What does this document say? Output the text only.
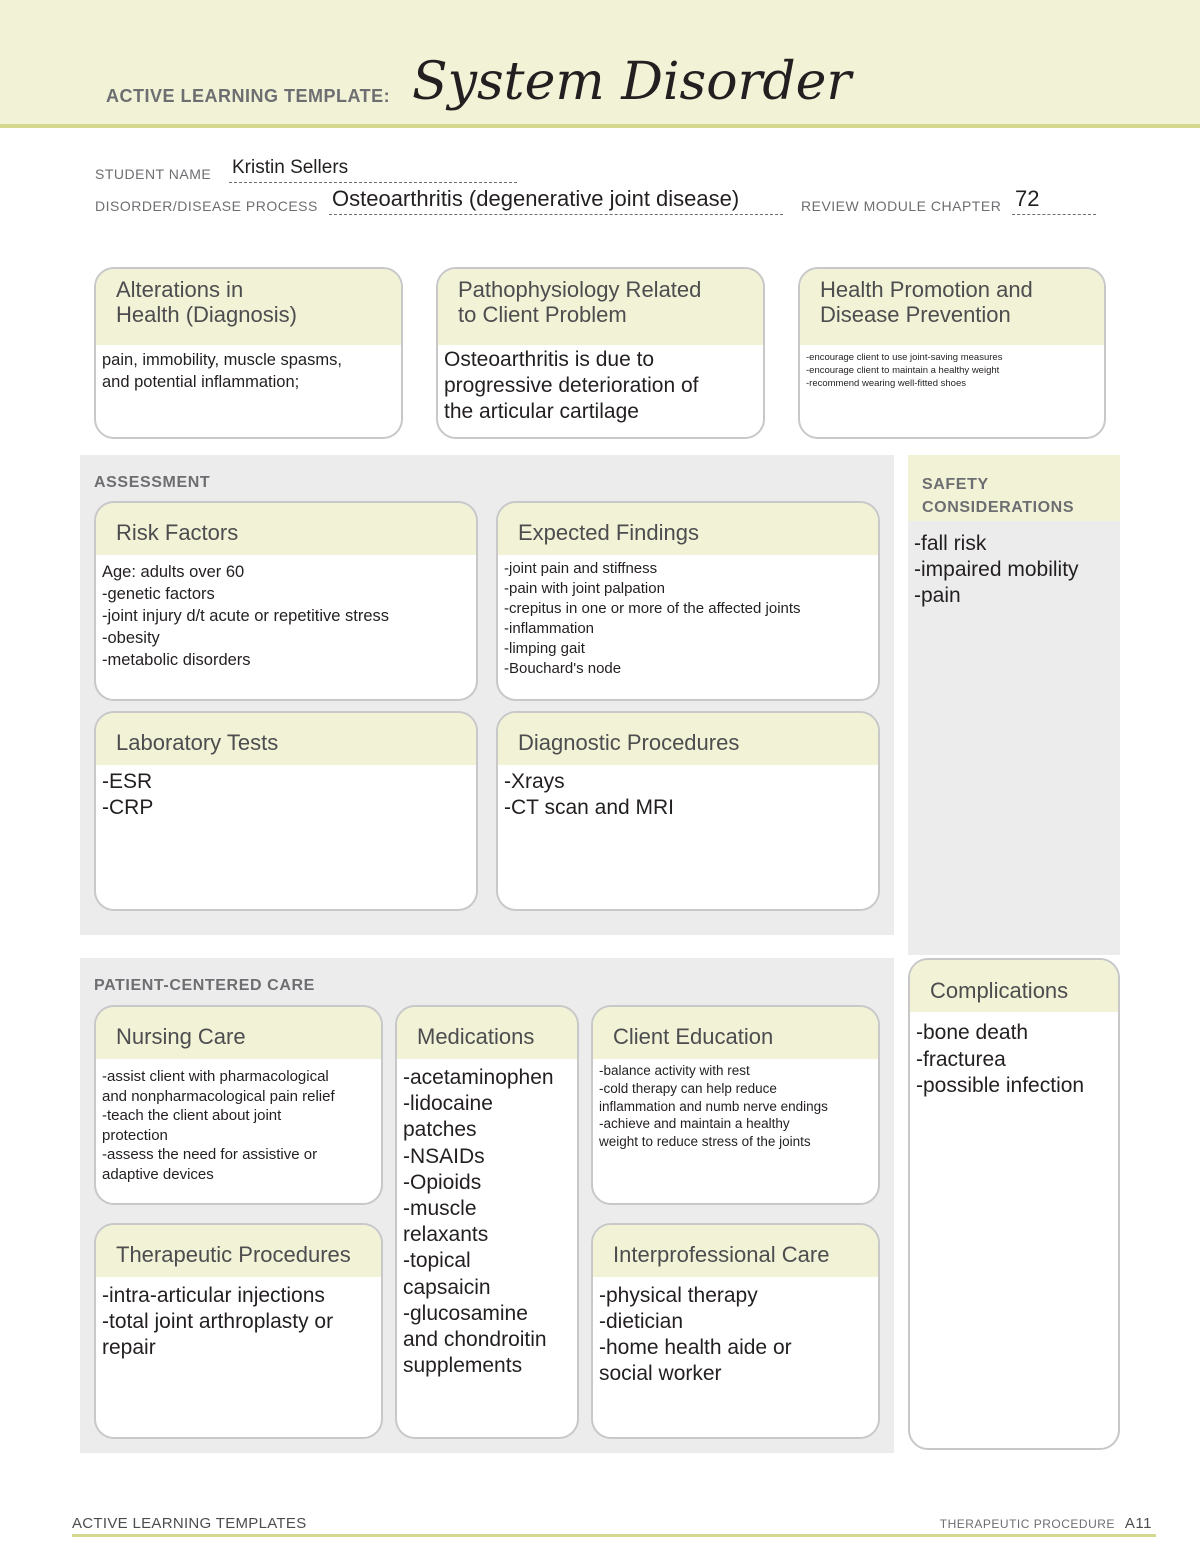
ACTIVE LEARNING TEMPLATE: System Disorder
STUDENT NAME Kristin Sellers
DISORDER/DISEASE PROCESS Osteoarthritis (degenerative joint disease)	REVIEW MODULE CHAPTER 72
Alterations in
Health (Diagnosis)
pain, immobility, muscle spasms,
and potential inflammation;
Pathophysiology Related
to Client Problem
Osteoarthritis is due to
progressive deterioration of
the articular cartilage
Health Promotion and
Disease Prevention
-encourage client to use joint-saving measures
-encourage client to maintain a healthy weight
-recommend wearing well-fitted shoes
ASSESSMENT
Risk Factors
Age: adults over 60
-genetic factors
-joint injury d/t acute or repetitive stress
-obesity
-metabolic disorders
Expected Findings
-joint pain and stiffness
-pain with joint palpation
-crepitus in one or more of the affected joints
-inflammation
-limping gait
-Bouchard's node
Laboratory Tests
-ESR
-CRP
Diagnostic Procedures
-Xrays
-CT scan and MRI
SAFETY
CONSIDERATIONS
-fall risk
-impaired mobility
-pain
PATIENT-CENTERED CARE
Nursing Care
-assist client with pharmacological
and nonpharmacological pain relief
-teach the client about joint
protection
-assess the need for assistive or
adaptive devices
Medications
-acetaminophen
-lidocaine
patches
-NSAIDs
-Opioids
-muscle
relaxants
-topical
capsaicin
-glucosamine
and chondroitin
supplements
Client Education
-balance activity with rest
-cold therapy can help reduce
inflammation and numb nerve endings
-achieve and maintain a healthy
weight to reduce stress of the joints
Therapeutic Procedures
-intra-articular injections
-total joint arthroplasty or
repair
Interprofessional Care
-physical therapy
-dietician
-home health aide or
social worker
Complications
-bone death
-fracturea
-possible infection
ACTIVE LEARNING TEMPLATES	THERAPEUTIC PROCEDURE A11
